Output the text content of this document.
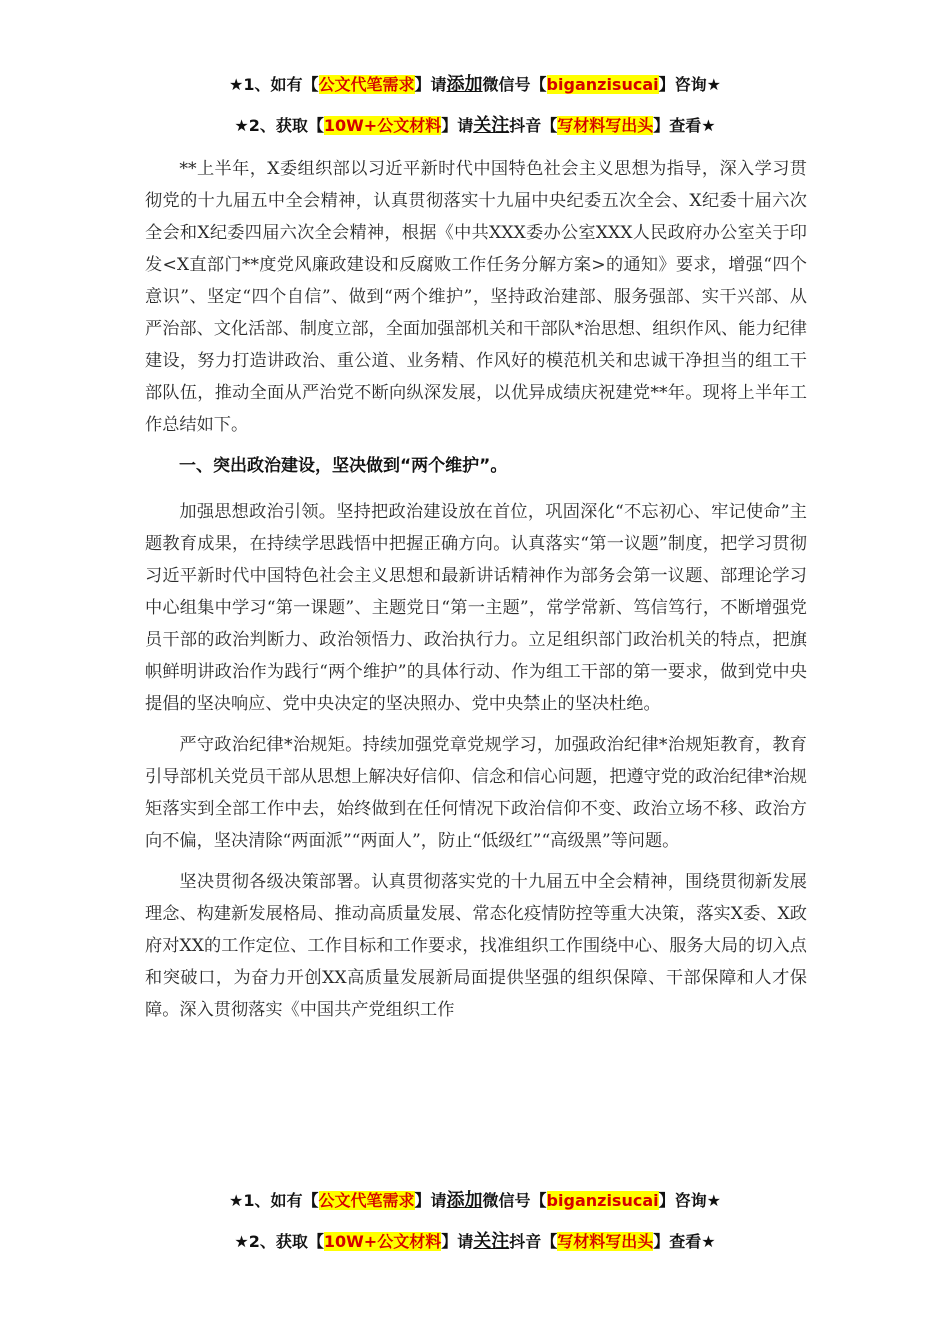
★1、如有【公文代笔需求】请添加微信号【biganzisucai】咨询★
★2、获取【10W+公文材料】请关注抖音【写材料写出头】查看★

**上半年，X委组织部以习近平新时代中国特色社会主义思想为指导，深入学习贯彻党的十九届五中全会精神，认真贯彻落实十九届中央纪委五次全会、X纪委十届六次全会和X纪委四届六次全会精神，根据《中共XXX委办公室XXX人民政府办公室关于印发<X直部门**度党风廉政建设和反腐败工作任务分解方案>的通知》要求，增强“四个意识”、坚定“四个自信”、做到“两个维护”，坚持政治建部、服务强部、实干兴部、从严治部、文化活部、制度立部，全面加强部机关和干部队*治思想、组织作风、能力纪律建设，努力打造讲政治、重公道、业务精、作风好的模范机关和忠诚干净担当的组工干部队伍，推动全面从严治党不断向纵深发展，以优异成绩庆祝建党**年。现将上半年工作总结如下。

一、突出政治建设，坚决做到“两个维护”。

加强思想政治引领。坚持把政治建设放在首位，巩固深化“不忘初心、牢记使命”主题教育成果，在持续学思践悟中把握正确方向。认真落实“第一议题”制度，把学习贯彻习近平新时代中国特色社会主义思想和最新讲话精神作为部务会第一议题、部理论学习中心组集中学习“第一课题”、主题党日“第一主题”，常学常新、笃信笃行，不断增强党员干部的政治判断力、政治领悟力、政治执行力。立足组织部门政治机关的特点，把旗帜鲜明讲政治作为践行“两个维护”的具体行动、作为组工干部的第一要求，做到党中央提倡的坚决响应、党中央决定的坚决照办、党中央禁止的坚决杜绝。

严守政治纪律*治规矩。持续加强党章党规学习，加强政治纪律*治规矩教育，教育引导部机关党员干部从思想上解决好信仰、信念和信心问题，把遵守党的政治纪律*治规矩落实到全部工作中去，始终做到在任何情况下政治信仰不变、政治立场不移、政治方向不偏，坚决清除“两面派”“两面人”，防止“低级红”“高级黑”等问题。

坚决贯彻各级决策部署。认真贯彻落实党的十九届五中全会精神，围绕贯彻新发展理念、构建新发展格局、推动高质量发展、常态化疫情防控等重大决策，落实X委、X政府对XX的工作定位、工作目标和工作要求，找准组织工作围绕中心、服务大局的切入点和突破口，为奋力开创XX高质量发展新局面提供坚强的组织保障、干部保障和人才保障。深入贯彻落实《中国共产党组织工作

★1、如有【公文代笔需求】请添加微信号【biganzisucai】咨询★
★2、获取【10W+公文材料】请关注抖音【写材料写出头】查看★
